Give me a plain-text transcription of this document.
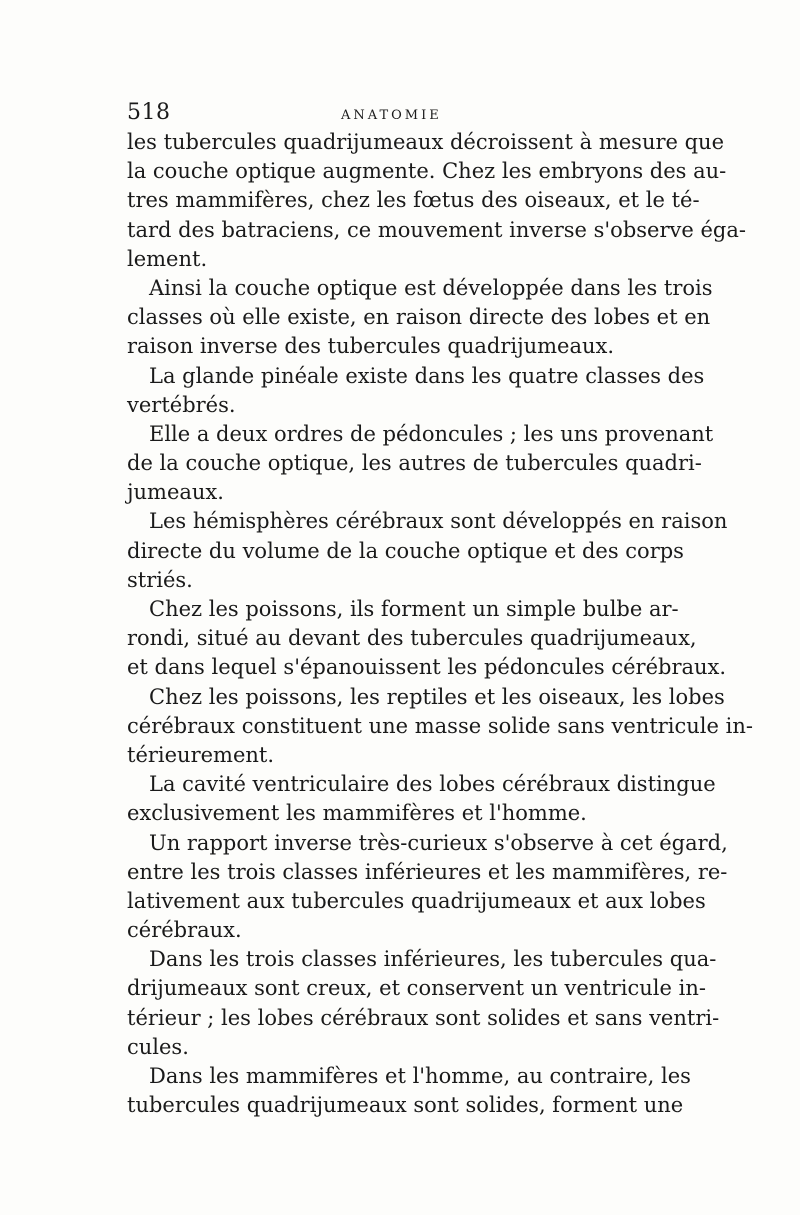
518	ANATOMIE
les tubercules quadrijumeaux décroissent à mesure que
la couche optique augmente. Chez les embryons des au-
tres mammifères, chez les fœtus des oiseaux, et le té-
tard des batraciens, ce mouvement inverse s'observe éga-
lement.
Ainsi la couche optique est développée dans les trois
classes où elle existe, en raison directe des lobes et en
raison inverse des tubercules quadrijumeaux.
La glande pinéale existe dans les quatre classes des
vertébrés.
Elle a deux ordres de pédoncules ; les uns provenant
de la couche optique, les autres de tubercules quadri-
jumeaux.
Les hémisphères cérébraux sont développés en raison
directe du volume de la couche optique et des corps
striés.
Chez les poissons, ils forment un simple bulbe ar-
rondi, situé au devant des tubercules quadrijumeaux,
et dans lequel s'épanouissent les pédoncules cérébraux.
Chez les poissons, les reptiles et les oiseaux, les lobes
cérébraux constituent une masse solide sans ventricule in-
térieurement.
La cavité ventriculaire des lobes cérébraux distingue
exclusivement les mammifères et l'homme.
Un rapport inverse très-curieux s'observe à cet égard,
entre les trois classes inférieures et les mammifères, re-
lativement aux tubercules quadrijumeaux et aux lobes
cérébraux.
Dans les trois classes inférieures, les tubercules qua-
drijumeaux sont creux, et conservent un ventricule in-
térieur ; les lobes cérébraux sont solides et sans ventri-
cules.
Dans les mammifères et l'homme, au contraire, les
tubercules quadrijumeaux sont solides, forment une
